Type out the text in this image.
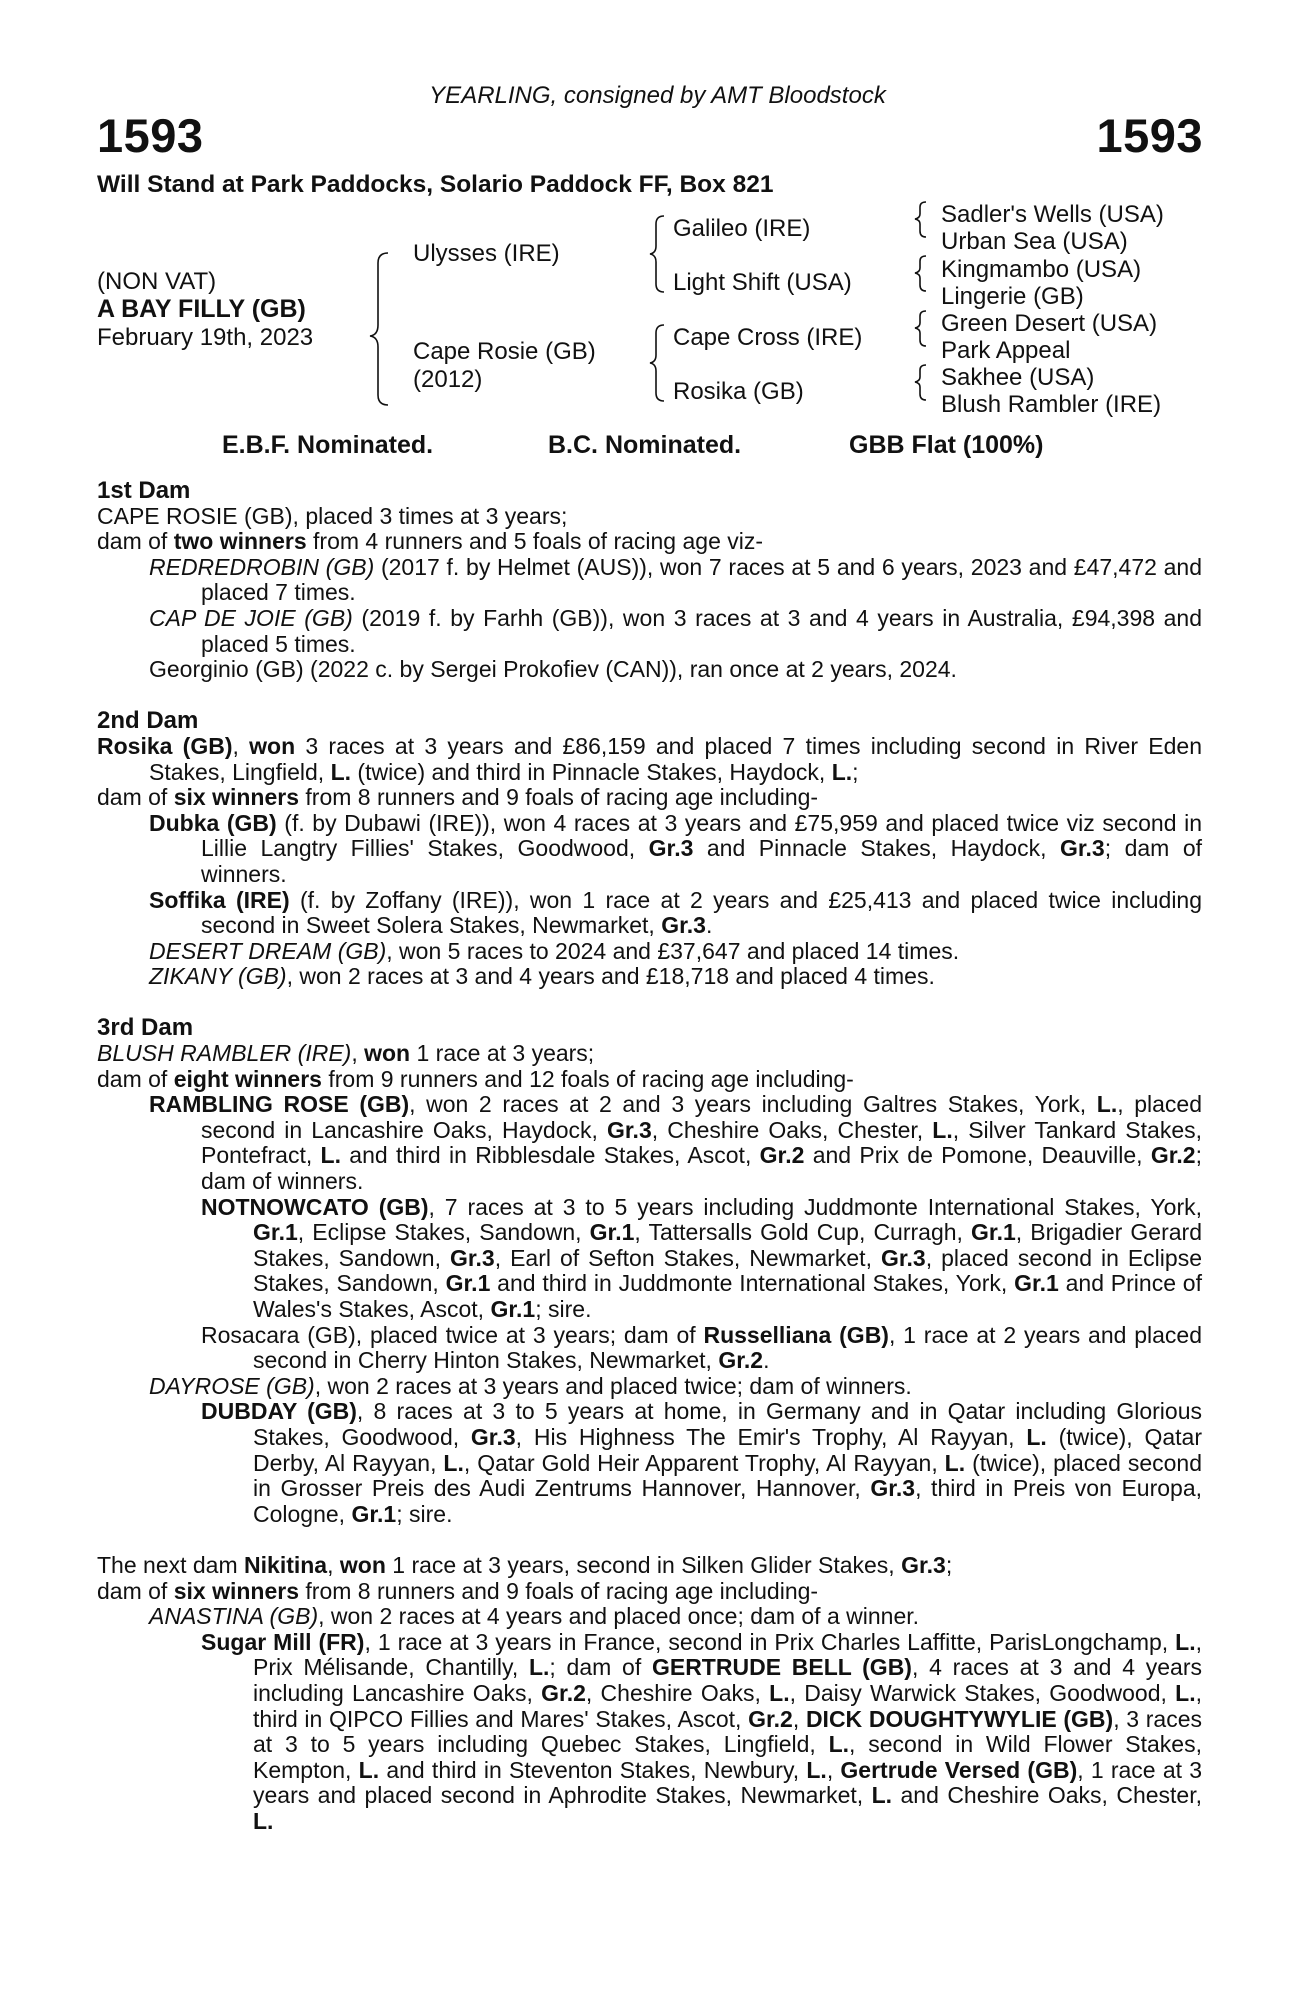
YEARLING, consigned by AMT Bloodstock
1593	1593
Will Stand at Park Paddocks, Solario Paddock FF, Box 821
(NON VAT)
A BAY FILLY (GB)
February 19th, 2023
Ulysses (IRE)
Cape Rosie (GB)
(2012)
Galileo (IRE)
Light Shift (USA)
Cape Cross (IRE)
Rosika (GB)
Sadler's Wells (USA)
Urban Sea (USA)
Kingmambo (USA)
Lingerie (GB)
Green Desert (USA)
Park Appeal
Sakhee (USA)
Blush Rambler (IRE)
E.B.F. Nominated.	B.C. Nominated.	GBB Flat (100%)

1st Dam

CAPE ROSIE (GB), placed 3 times at 3 years;

dam of two winners from 4 runners and 5 foals of racing age viz-

REDREDROBIN (GB) (2017 f. by Helmet (AUS)), won 7 races at 5 and 6 years, 2023 and £47,472 and placed 7 times.

CAP DE JOIE (GB) (2019 f. by Farhh (GB)), won 3 races at 3 and 4 years in Australia, £94,398 and placed 5 times.

Georginio (GB) (2022 c. by Sergei Prokofiev (CAN)), ran once at 2 years, 2024.

2nd Dam

Rosika (GB), won 3 races at 3 years and £86,159 and placed 7 times including second in River Eden Stakes, Lingfield, L. (twice) and third in Pinnacle Stakes, Haydock, L.;

dam of six winners from 8 runners and 9 foals of racing age including-

Dubka (GB) (f. by Dubawi (IRE)), won 4 races at 3 years and £75,959 and placed twice viz second in Lillie Langtry Fillies' Stakes, Goodwood, Gr.3 and Pinnacle Stakes, Haydock, Gr.3; dam of winners.

Soffika (IRE) (f. by Zoffany (IRE)), won 1 race at 2 years and £25,413 and placed twice including second in Sweet Solera Stakes, Newmarket, Gr.3.

DESERT DREAM (GB), won 5 races to 2024 and £37,647 and placed 14 times.

ZIKANY (GB), won 2 races at 3 and 4 years and £18,718 and placed 4 times.

3rd Dam

BLUSH RAMBLER (IRE), won 1 race at 3 years;

dam of eight winners from 9 runners and 12 foals of racing age including-

RAMBLING ROSE (GB), won 2 races at 2 and 3 years including Galtres Stakes, York, L., placed second in Lancashire Oaks, Haydock, Gr.3, Cheshire Oaks, Chester, L., Silver Tankard Stakes, Pontefract, L. and third in Ribblesdale Stakes, Ascot, Gr.2 and Prix de Pomone, Deauville, Gr.2; dam of winners.

NOTNOWCATO (GB), 7 races at 3 to 5 years including Juddmonte International Stakes, York, Gr.1, Eclipse Stakes, Sandown, Gr.1, Tattersalls Gold Cup, Curragh, Gr.1, Brigadier Gerard Stakes, Sandown, Gr.3, Earl of Sefton Stakes, Newmarket, Gr.3, placed second in Eclipse Stakes, Sandown, Gr.1 and third in Juddmonte International Stakes, York, Gr.1 and Prince of Wales's Stakes, Ascot, Gr.1; sire.

Rosacara (GB), placed twice at 3 years; dam of Russelliana (GB), 1 race at 2 years and placed second in Cherry Hinton Stakes, Newmarket, Gr.2.

DAYROSE (GB), won 2 races at 3 years and placed twice; dam of winners.

DUBDAY (GB), 8 races at 3 to 5 years at home, in Germany and in Qatar including Glorious Stakes, Goodwood, Gr.3, His Highness The Emir's Trophy, Al Rayyan, L. (twice), Qatar Derby, Al Rayyan, L., Qatar Gold Heir Apparent Trophy, Al Rayyan, L. (twice), placed second in Grosser Preis des Audi Zentrums Hannover, Hannover, Gr.3, third in Preis von Europa, Cologne, Gr.1; sire.

The next dam Nikitina, won 1 race at 3 years, second in Silken Glider Stakes, Gr.3;

dam of six winners from 8 runners and 9 foals of racing age including-

ANASTINA (GB), won 2 races at 4 years and placed once; dam of a winner.

Sugar Mill (FR), 1 race at 3 years in France, second in Prix Charles Laffitte, ParisLongchamp, L., Prix Mélisande, Chantilly, L.; dam of GERTRUDE BELL (GB), 4 races at 3 and 4 years including Lancashire Oaks, Gr.2, Cheshire Oaks, L., Daisy Warwick Stakes, Goodwood, L., third in QIPCO Fillies and Mares' Stakes, Ascot, Gr.2, DICK DOUGHTYWYLIE (GB), 3 races at 3 to 5 years including Quebec Stakes, Lingfield, L., second in Wild Flower Stakes, Kempton, L. and third in Steventon Stakes, Newbury, L., Gertrude Versed (GB), 1 race at 3 years and placed second in Aphrodite Stakes, Newmarket, L. and Cheshire Oaks, Chester, L.
